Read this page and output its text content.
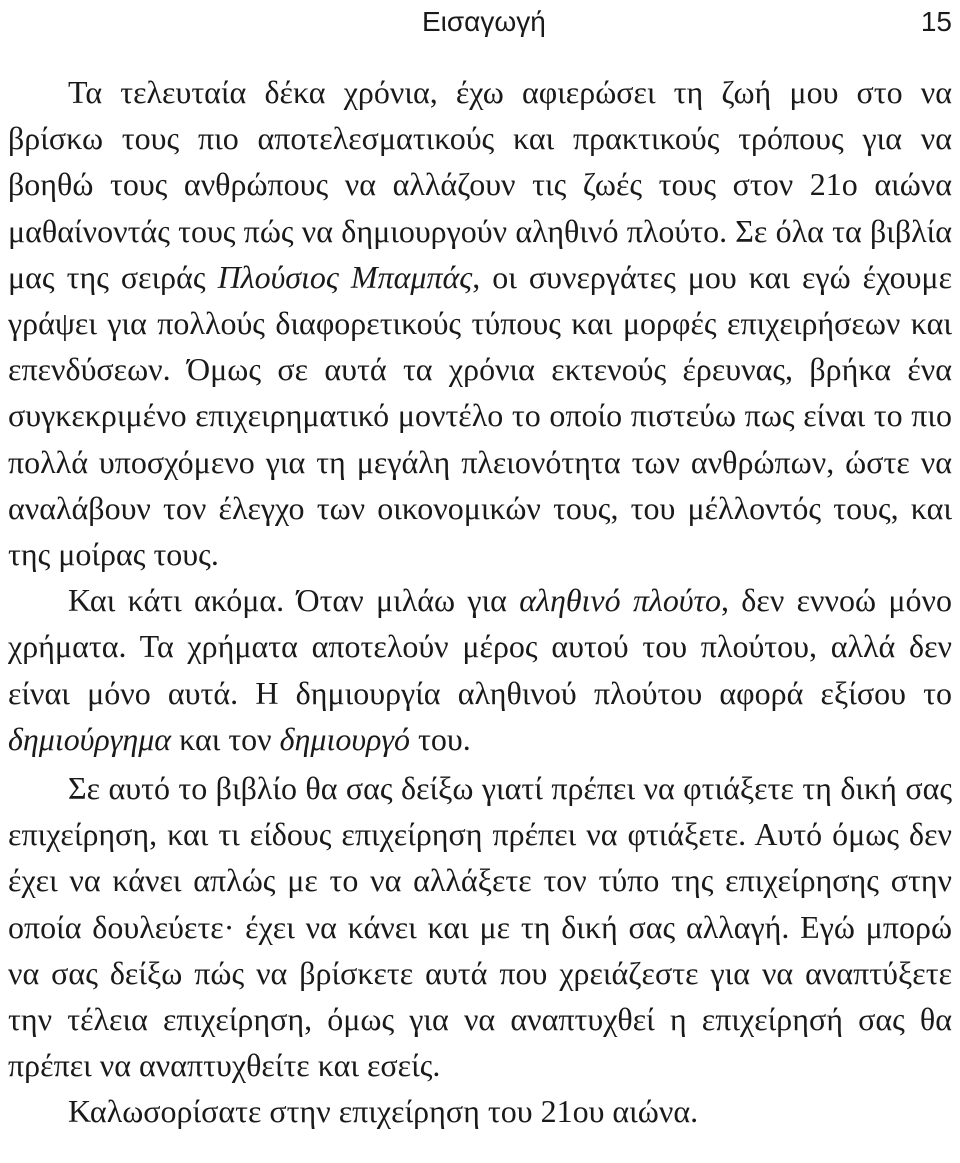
Εισαγωγή	15

Τα τελευταία δέκα χρόνια, έχω αφιερώσει τη ζωή μου στο να βρίσκω τους πιο αποτελεσματικούς και πρακτικούς τρόπους για να βοηθώ τους ανθρώπους να αλλάζουν τις ζωές τους στον 21ο αιώνα μαθαίνοντάς τους πώς να δημιουργούν αληθινό πλούτο. Σε όλα τα βιβλία μας της σειράς Πλούσιος Μπαμπάς, οι συνεργάτες μου και εγώ έχουμε γράψει για πολλούς διαφορετικούς τύπους και μορφές επιχειρήσεων και επενδύσεων. Όμως σε αυτά τα χρόνια εκτενούς έρευνας, βρήκα ένα συγκεκριμένο επιχειρηματικό μοντέλο το οποίο πιστεύω πως είναι το πιο πολλά υποσχόμενο για τη μεγάλη πλειονότητα των ανθρώπων, ώστε να αναλάβουν τον έλεγχο των οικονομικών τους, του μέλλοντός τους, και της μοίρας τους.

Και κάτι ακόμα. Όταν μιλάω για αληθινό πλούτο, δεν εννοώ μόνο χρήματα. Τα χρήματα αποτελούν μέρος αυτού του πλούτου, αλλά δεν είναι μόνο αυτά. Η δημιουργία αληθινού πλούτου αφορά εξίσου το δημιούργημα και τον δημιουργό του.

Σε αυτό το βιβλίο θα σας δείξω γιατί πρέπει να φτιάξετε τη δική σας επιχείρηση, και τι είδους επιχείρηση πρέπει να φτιάξετε. Αυτό όμως δεν έχει να κάνει απλώς με το να αλλάξετε τον τύπο της επιχείρησης στην οποία δουλεύετε· έχει να κάνει και με τη δική σας αλλαγή. Εγώ μπορώ να σας δείξω πώς να βρίσκετε αυτά που χρειάζεστε για να αναπτύξετε την τέλεια επιχείρηση, όμως για να αναπτυχθεί η επιχείρησή σας θα πρέπει να αναπτυχθείτε και εσείς.

Καλωσορίσατε στην επιχείρηση του 21ου αιώνα.
